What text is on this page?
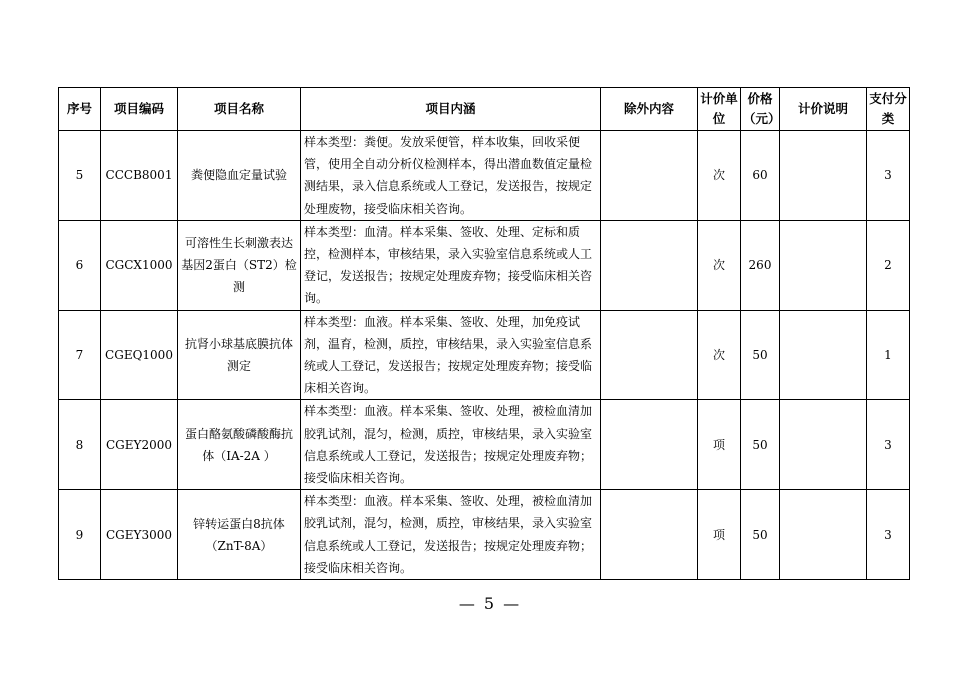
序号	项目编码	项目名称	项目内涵	除外内容	计价单位	价格（元）	计价说明	支付分类
5	CCCB8001	粪便隐血定量试验	样本类型：粪便。发放采便管，样本收集，回收采便管，使用全自动分析仪检测样本，得出潜血数值定量检测结果，录入信息系统或人工登记，发送报告，按规定处理废物，接受临床相关咨询。		次	60		3
6	CGCX1000	可溶性生长刺激表达基因2蛋白（ST2）检测	样本类型：血清。样本采集、签收、处理、定标和质控，检测样本，审核结果，录入实验室信息系统或人工登记，发送报告；按规定处理废弃物；接受临床相关咨询。		次	260		2
7	CGEQ1000	抗肾小球基底膜抗体测定	样本类型：血液。样本采集、签收、处理，加免疫试剂，温育，检测，质控，审核结果，录入实验室信息系统或人工登记，发送报告；按规定处理废弃物；接受临床相关咨询。		次	50		1
8	CGEY2000	蛋白酪氨酸磷酸酶抗体（IA-2A ）	样本类型：血液。样本采集、签收、处理，被检血清加胶乳试剂，混匀，检测，质控，审核结果，录入实验室信息系统或人工登记，发送报告；按规定处理废弃物；接受临床相关咨询。		项	50		3
9	CGEY3000	锌转运蛋白8抗体（ZnT-8A）	样本类型：血液。样本采集、签收、处理，被检血清加胶乳试剂，混匀，检测，质控，审核结果，录入实验室信息系统或人工登记，发送报告；按规定处理废弃物；接受临床相关咨询。		项	50		3
— 5 —
